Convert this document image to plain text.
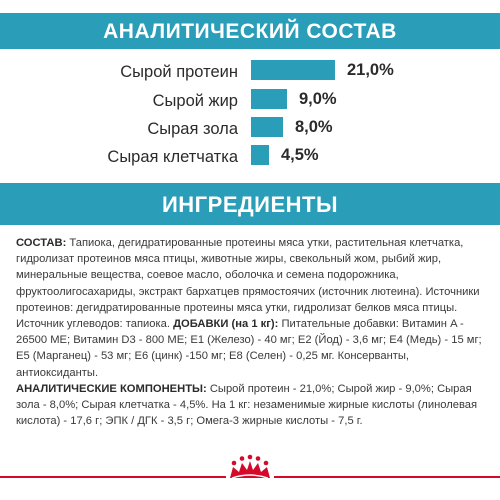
АНАЛИТИЧЕСКИЙ СОСТАВ
Сырой протеин	21,0%
Сырой жир	9,0%
Сырая зола	8,0%
Сырая клетчатка	4,5%
ИНГРЕДИЕНТЫ
СОСТАВ: Тапиока, дегидратированные протеины мяса утки, растительная клетчатка, гидролизат протеинов мяса птицы, животные жиры, свекольный жом, рыбий жир, минеральные вещества, соевое масло, оболочка и семена подорожника, фруктоолигосахариды, экстракт бархатцев прямостоячих (источник лютеина). Источники протеинов: дегидратированные протеины мяса утки, гидролизат белков мяса птицы. Источник углеводов: тапиока. ДОБАВКИ (на 1 кг): Питательные добавки: Витамин A - 26500 МЕ; Витамин D3 - 800 МЕ; E1 (Железо) - 40 мг; E2 (Йод) - 3,6 мг; E4 (Медь) - 15 мг; E5 (Марганец) - 53 мг; E6 (цинк) -150 мг; E8 (Селен) - 0,25 мг. Консерванты, антиоксиданты.
АНАЛИТИЧЕСКИЕ КОМПОНЕНТЫ: Сырой протеин - 21,0%; Сырой жир - 9,0%; Сырая зола - 8,0%; Сырая клетчатка - 4,5%. На 1 кг: незаменимые жирные кислоты (линолевая кислота) - 17,6 г; ЭПК / ДГК - 3,5 г; Омега-3 жирные кислоты - 7,5 г.
